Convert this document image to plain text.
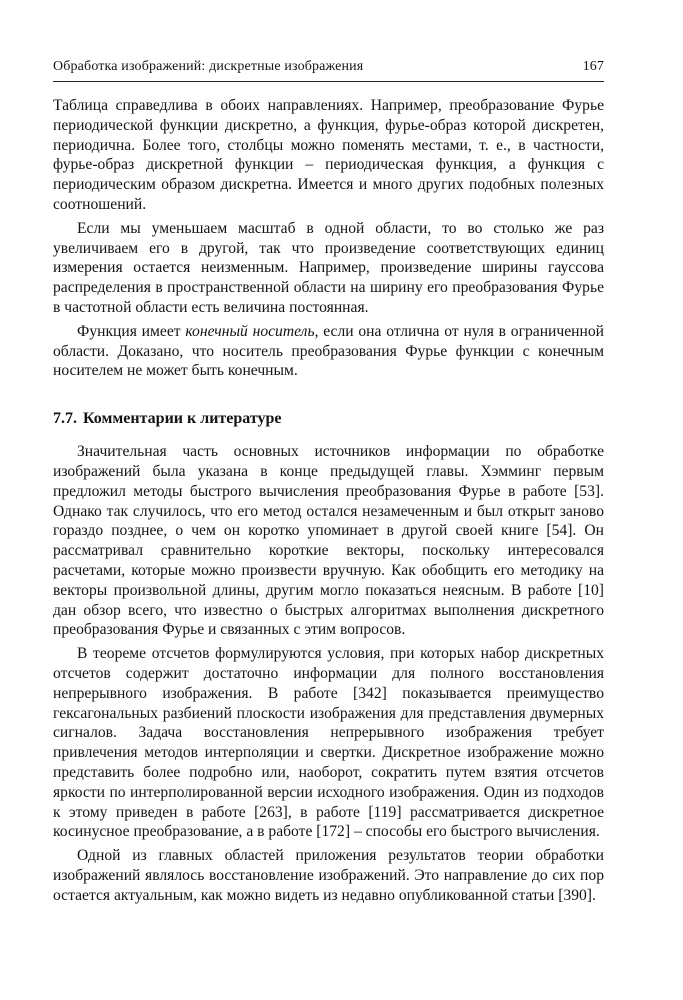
Обработка изображений: дискретные изображения	167

Таблица справедлива в обоих направлениях. Например, преобразование Фурье периодической функции дискретно, а функция, фурье-образ которой дискретен, периодична. Более того, столбцы можно поменять местами, т. е., в частности, фурье-образ дискретной функции – периодическая функция, а функция с периодическим образом дискретна. Имеется и много других подобных полезных соотношений.

Если мы уменьшаем масштаб в одной области, то во столько же раз увеличиваем его в другой, так что произведение соответствующих единиц измерения остается неизменным. Например, произведение ширины гауссова распределения в пространственной области на ширину его преобразования Фурье в частотной области есть величина постоянная.

Функция имеет конечный носитель, если она отлична от нуля в ограниченной области. Доказано, что носитель преобразования Фурье функции с конечным носителем не может быть конечным.

7.7. Комментарии к литературе

Значительная часть основных источников информации по обработке изображений была указана в конце предыдущей главы. Хэмминг первым предложил методы быстрого вычисления преобразования Фурье в работе [53]. Однако так случилось, что его метод остался незамеченным и был открыт заново гораздо позднее, о чем он коротко упоминает в другой своей книге [54]. Он рассматривал сравнительно короткие векторы, поскольку интересовался расчетами, которые можно произвести вручную. Как обобщить его методику на векторы произвольной длины, другим могло показаться неясным. В работе [10] дан обзор всего, что известно о быстрых алгоритмах выполнения дискретного преобразования Фурье и связанных с этим вопросов.

В теореме отсчетов формулируются условия, при которых набор дискретных отсчетов содержит достаточно информации для полного восстановления непрерывного изображения. В работе [342] показывается преимущество гексагональных разбиений плоскости изображения для представления двумерных сигналов. Задача восстановления непрерывного изображения требует привлечения методов интерполяции и свертки. Дискретное изображение можно представить более подробно или, наоборот, сократить путем взятия отсчетов яркости по интерполированной версии исходного изображения. Один из подходов к этому приведен в работе [263], в работе [119] рассматривается дискретное косинусное преобразование, а в работе [172] – способы его быстрого вычисления.

Одной из главных областей приложения результатов теории обработки изображений являлось восстановление изображений. Это направление до сих пор остается актуальным, как можно видеть из недавно опубликованной статьи [390].
